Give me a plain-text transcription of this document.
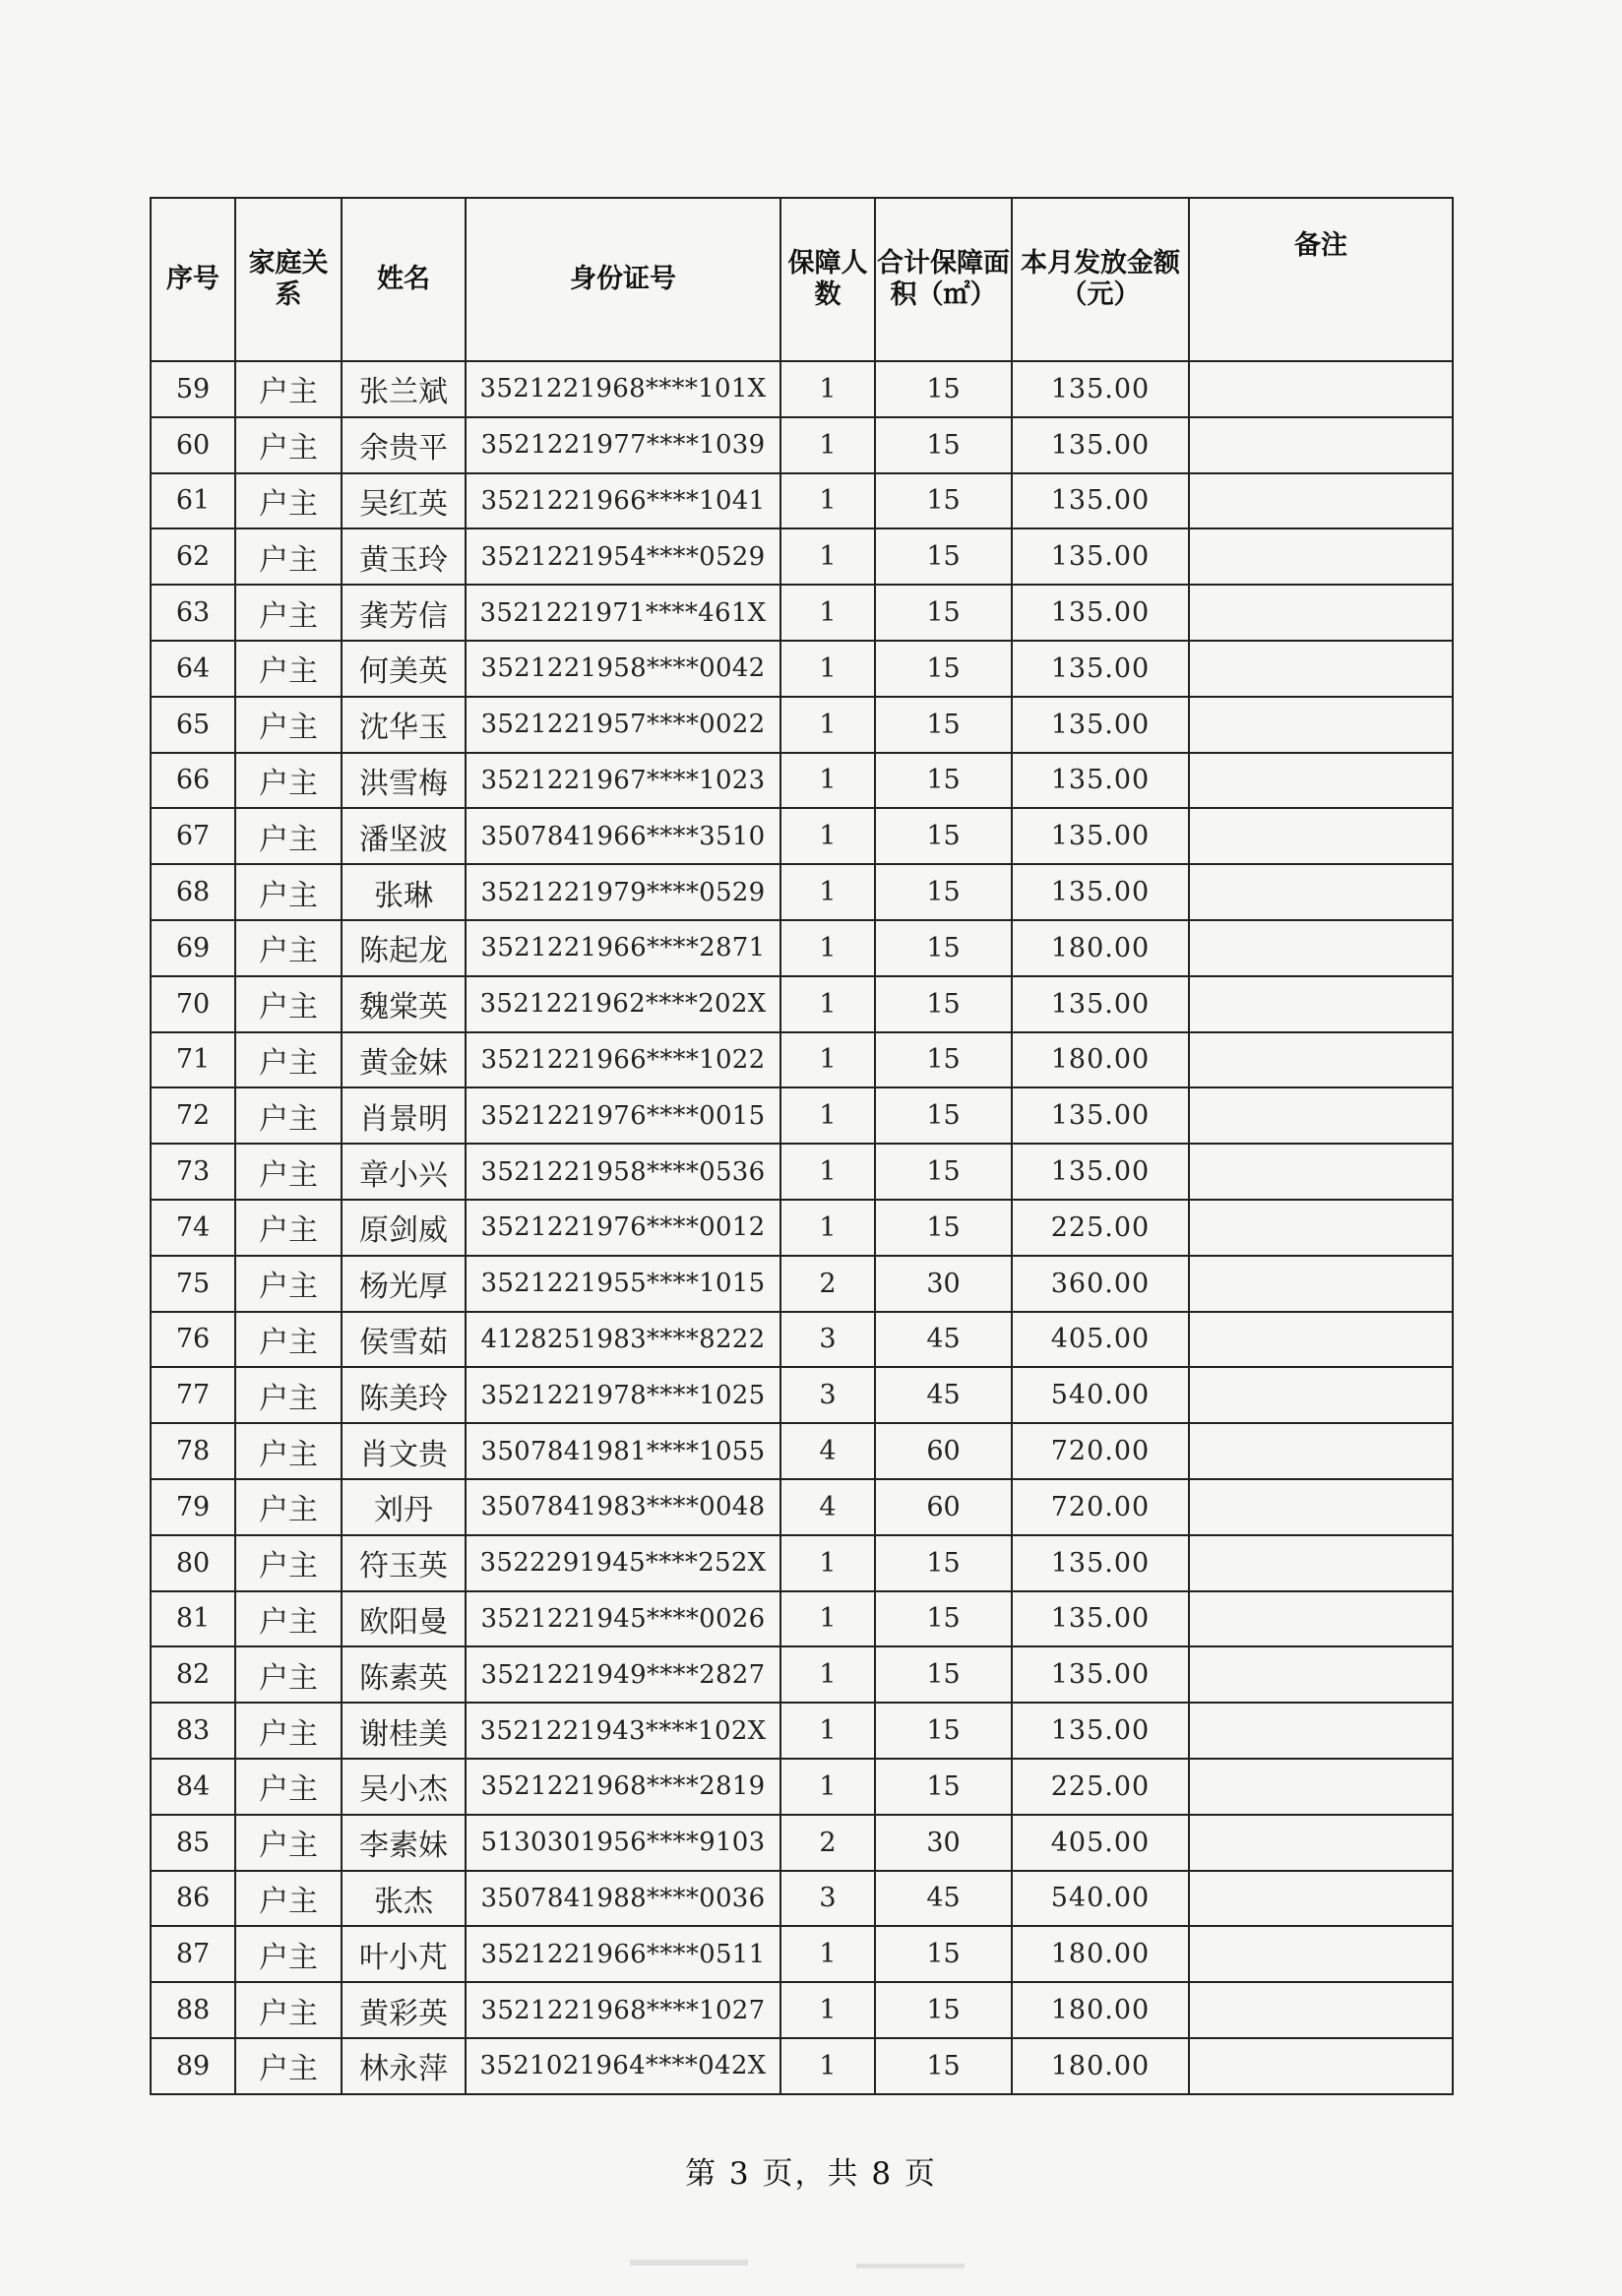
序号	家庭关系	姓名	身份证号	保障人数	合计保障面积（㎡）	本月发放金额（元）	备注
59	户主	张兰斌	3521221968****101X	1	15	135.00	
60	户主	余贵平	3521221977****1039	1	15	135.00	
61	户主	吴红英	3521221966****1041	1	15	135.00	
62	户主	黄玉玲	3521221954****0529	1	15	135.00	
63	户主	龚芳信	3521221971****461X	1	15	135.00	
64	户主	何美英	3521221958****0042	1	15	135.00	
65	户主	沈华玉	3521221957****0022	1	15	135.00	
66	户主	洪雪梅	3521221967****1023	1	15	135.00	
67	户主	潘坚波	3507841966****3510	1	15	135.00	
68	户主	张琳	3521221979****0529	1	15	135.00	
69	户主	陈起龙	3521221966****2871	1	15	180.00	
70	户主	魏棠英	3521221962****202X	1	15	135.00	
71	户主	黄金妹	3521221966****1022	1	15	180.00	
72	户主	肖景明	3521221976****0015	1	15	135.00	
73	户主	章小兴	3521221958****0536	1	15	135.00	
74	户主	原剑威	3521221976****0012	1	15	225.00	
75	户主	杨光厚	3521221955****1015	2	30	360.00	
76	户主	侯雪茹	4128251983****8222	3	45	405.00	
77	户主	陈美玲	3521221978****1025	3	45	540.00	
78	户主	肖文贵	3507841981****1055	4	60	720.00	
79	户主	刘丹	3507841983****0048	4	60	720.00	
80	户主	符玉英	3522291945****252X	1	15	135.00	
81	户主	欧阳曼	3521221945****0026	1	15	135.00	
82	户主	陈素英	3521221949****2827	1	15	135.00	
83	户主	谢桂美	3521221943****102X	1	15	135.00	
84	户主	吴小杰	3521221968****2819	1	15	225.00	
85	户主	李素妹	5130301956****9103	2	30	405.00	
86	户主	张杰	3507841988****0036	3	45	540.00	
87	户主	叶小芃	3521221966****0511	1	15	180.00	
88	户主	黄彩英	3521221968****1027	1	15	180.00	
89	户主	林永萍	3521021964****042X	1	15	180.00	
第 3 页，共 8 页
